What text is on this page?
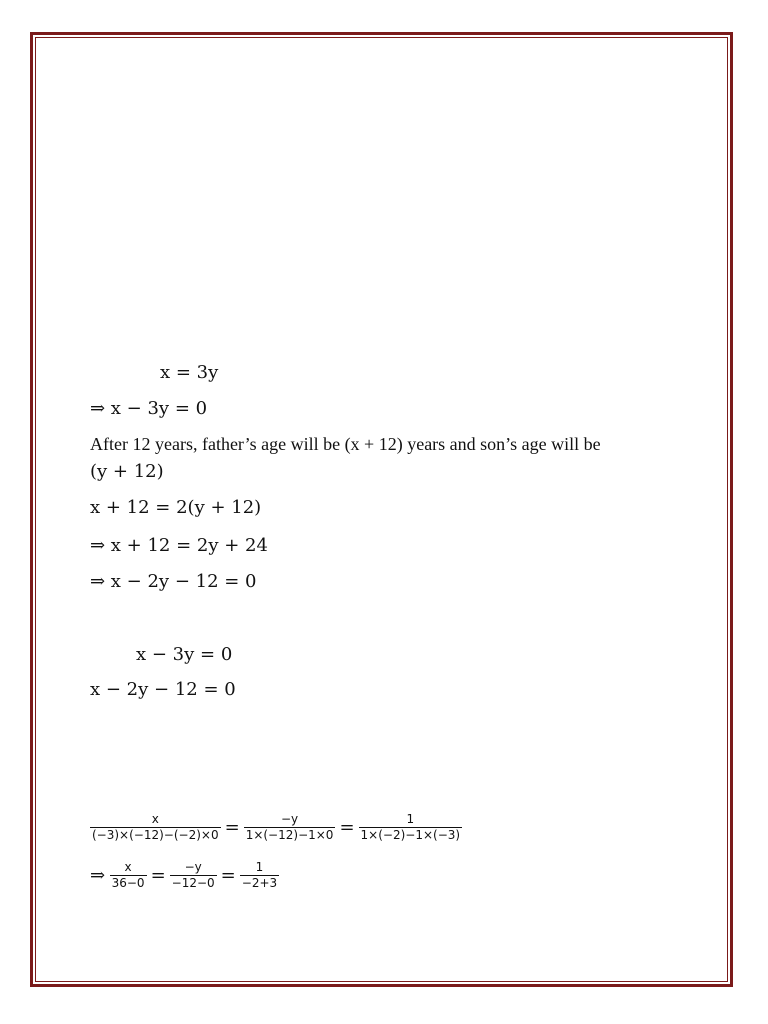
x = 3y
⇒ x − 3y = 0
After 12 years, father’s age will be (x + 12) years and son’s age will be
(y + 12)
x + 12 = 2(y + 12)
⇒ x + 12 = 2y + 24
⇒ x − 2y − 12 = 0
x − 3y = 0
x − 2y − 12 = 0
$\frac{x}{(-3)\times(-12)-(-2)\times 0} = \frac{-y}{1\times(-12)-1\times 0} = \frac{1}{1\times(-2)-1\times(-3)}$
⇒ $\frac{x}{36-0} = \frac{-y}{-12-0} = \frac{1}{-2+3}$
